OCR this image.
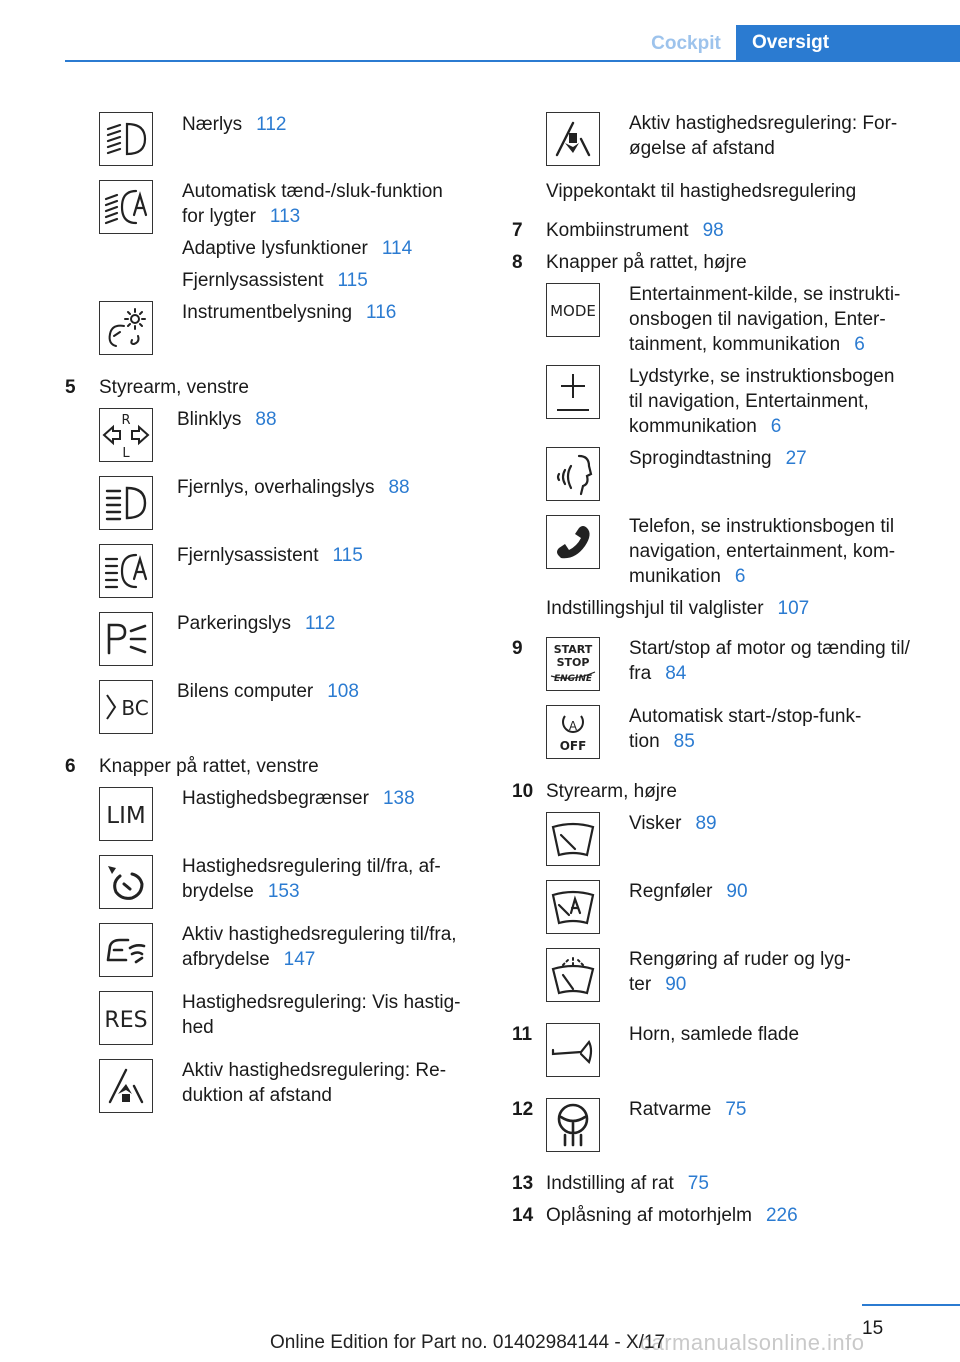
Cockpit	Oversigt
Nærlys 112
Automatisk tænd-/sluk-funktion
for lygter 113
Adaptive lysfunktioner 114
Fjernlysassistent 115
Instrumentbelysning 116
5 Styrearm, venstre
R
L
Blinklys 88
Fjernlys, overhalingslys 88
Fjernlysassistent 115
Parkeringslys 112
BC
Bilens computer 108
6 Knapper på rattet, venstre
LIM
Hastighedsbegrænser 138
Hastighedsregulering til/fra, af-
brydelse 153
Aktiv hastighedsregulering til/fra,
afbrydelse 147
RES
Hastighedsregulering: Vis hastig-
hed
Aktiv hastighedsregulering: Re-
duktion af afstand
Aktiv hastighedsregulering: For-
øgelse af afstand
Vippekontakt til hastighedsregulering
7 Kombiinstrument 98
8 Knapper på rattet, højre
MODE
Entertainment-kilde, se instrukti-
onsbogen til navigation, Enter-
tainment, kommunikation 6
Lydstyrke, se instruktionsbogen
til navigation, Entertainment,
kommunikation 6
Sprogindtastning 27
Telefon, se instruktionsbogen til
navigation, entertainment, kom-
munikation 6
Indstillingshjul til valglister 107
9	START
STOP
ENGINE
Start/stop af motor og tænding til/
fra 84
A
OFF
Automatisk start-/stop-funk-
tion 85
10 Styrearm, højre
Visker 89
Regnføler 90
Rengøring af ruder og lyg-
ter 90
11	Horn, samlede flade
12	Ratvarme 75
13 Indstilling af rat 75
14 Oplåsning af motorhjelm 226
15
carmanualsonline.info
Online Edition for Part no. 01402984144 - X/17
